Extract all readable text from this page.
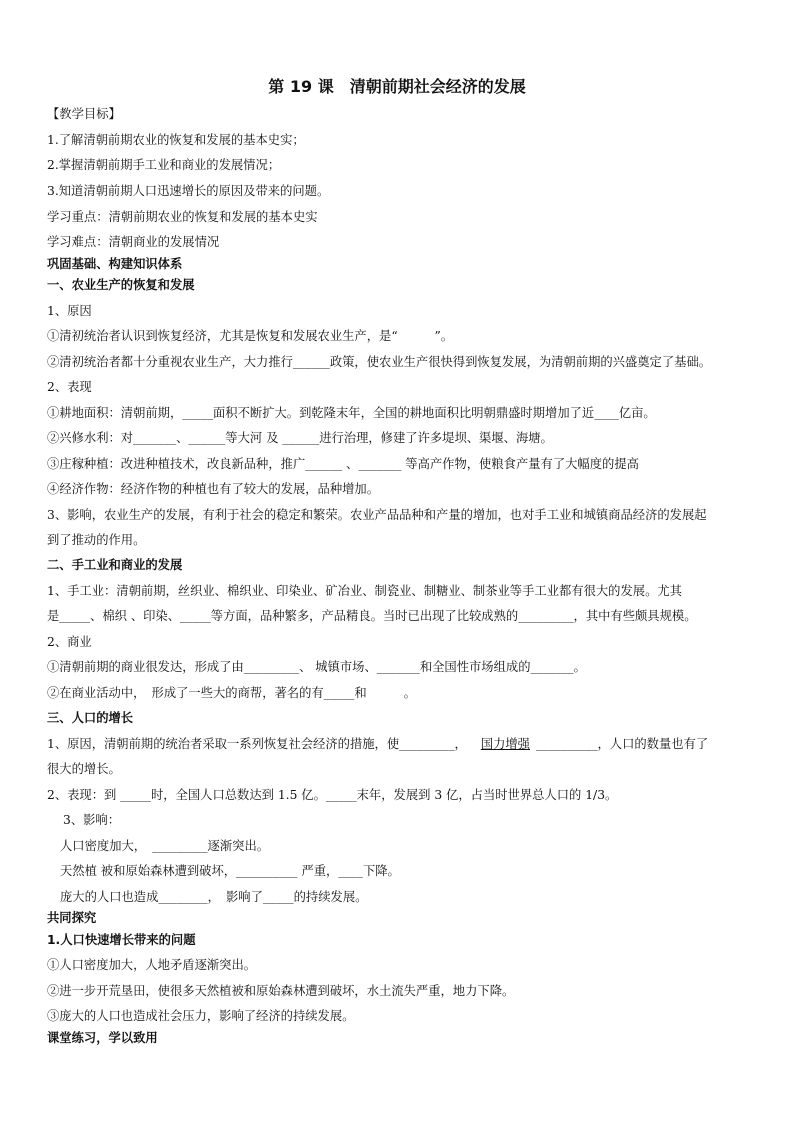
第 19 课　清朝前期社会经济的发展
【教学目标】
1.了解清朝前期农业的恢复和发展的基本史实；
2.掌握清朝前期手工业和商业的发展情况；
3.知道清朝前期人口迅速增长的原因及带来的问题。
学习重点：清朝前期农业的恢复和发展的基本史实
学习难点：清朝商业的发展情况
巩固基础、构建知识体系
一、农业生产的恢复和发展
1、原因
①清初统治者认识到恢复经济，尤其是恢复和发展农业生产，是“　　　”。
②清初统治者都十分重视农业生产，大力推行______政策，使农业生产很快得到恢复发展，为清朝前期的兴盛奠定了基础。
2、表现
①耕地面积：清朝前期，_____面积不断扩大。到乾隆末年，全国的耕地面积比明朝鼎盛时期增加了近____亿亩。
②兴修水利：对_______、______等大河 及 ______进行治理，修建了许多堤坝、渠堰、海塘。
③庄稼种植：改进种植技术，改良新品种，推广______ 、_______ 等高产作物，使粮食产量有了大幅度的提高
④经济作物：经济作物的种植也有了较大的发展，品种增加。
3、影响，农业生产的发展，有利于社会的稳定和繁荣。农业产品品种和产量的增加，也对手工业和城镇商品经济的发展起
到了推动的作用。
二、手工业和商业的发展
1、手工业：清朝前期，丝织业、棉织业、印染业、矿冶业、制瓷业、制糖业、制茶业等手工业都有很大的发展。尤其
是_____、棉织 、印染、_____等方面，品种繁多，产品精良。当时已出现了比较成熟的_________，其中有些颇具规模。
2、商业
①清朝前期的商业很发达，形成了由_________、 城镇市场、_______和全国性市场组成的_______。
②在商业活动中，　形成了一些大的商帮，著名的有_____和　　　。
三、人口的增长
1、原因，清朝前期的统治者采取一系列恢复社会经济的措施，使_________， 国力增强 __________，人口的数量也有了
很大的增长。
2、表现：到 _____时，全国人口总数达到 1.5 亿。_____末年，发展到 3 亿，占当时世界总人口的 1/3。
3、影响：
人口密度加大，　_________逐渐突出。
天然植 被和原始森林遭到破坏，__________ 严重，____下降。
庞大的人口也造成________，　影响了_____的持续发展。
共同探究
1.人口快速增长带来的问题
①人口密度加大，人地矛盾逐渐突出。
②进一步开荒垦田，使很多天然植被和原始森林遭到破坏，水土流失严重，地力下降。
③庞大的人口也造成社会压力，影响了经济的持续发展。
课堂练习，学以致用
